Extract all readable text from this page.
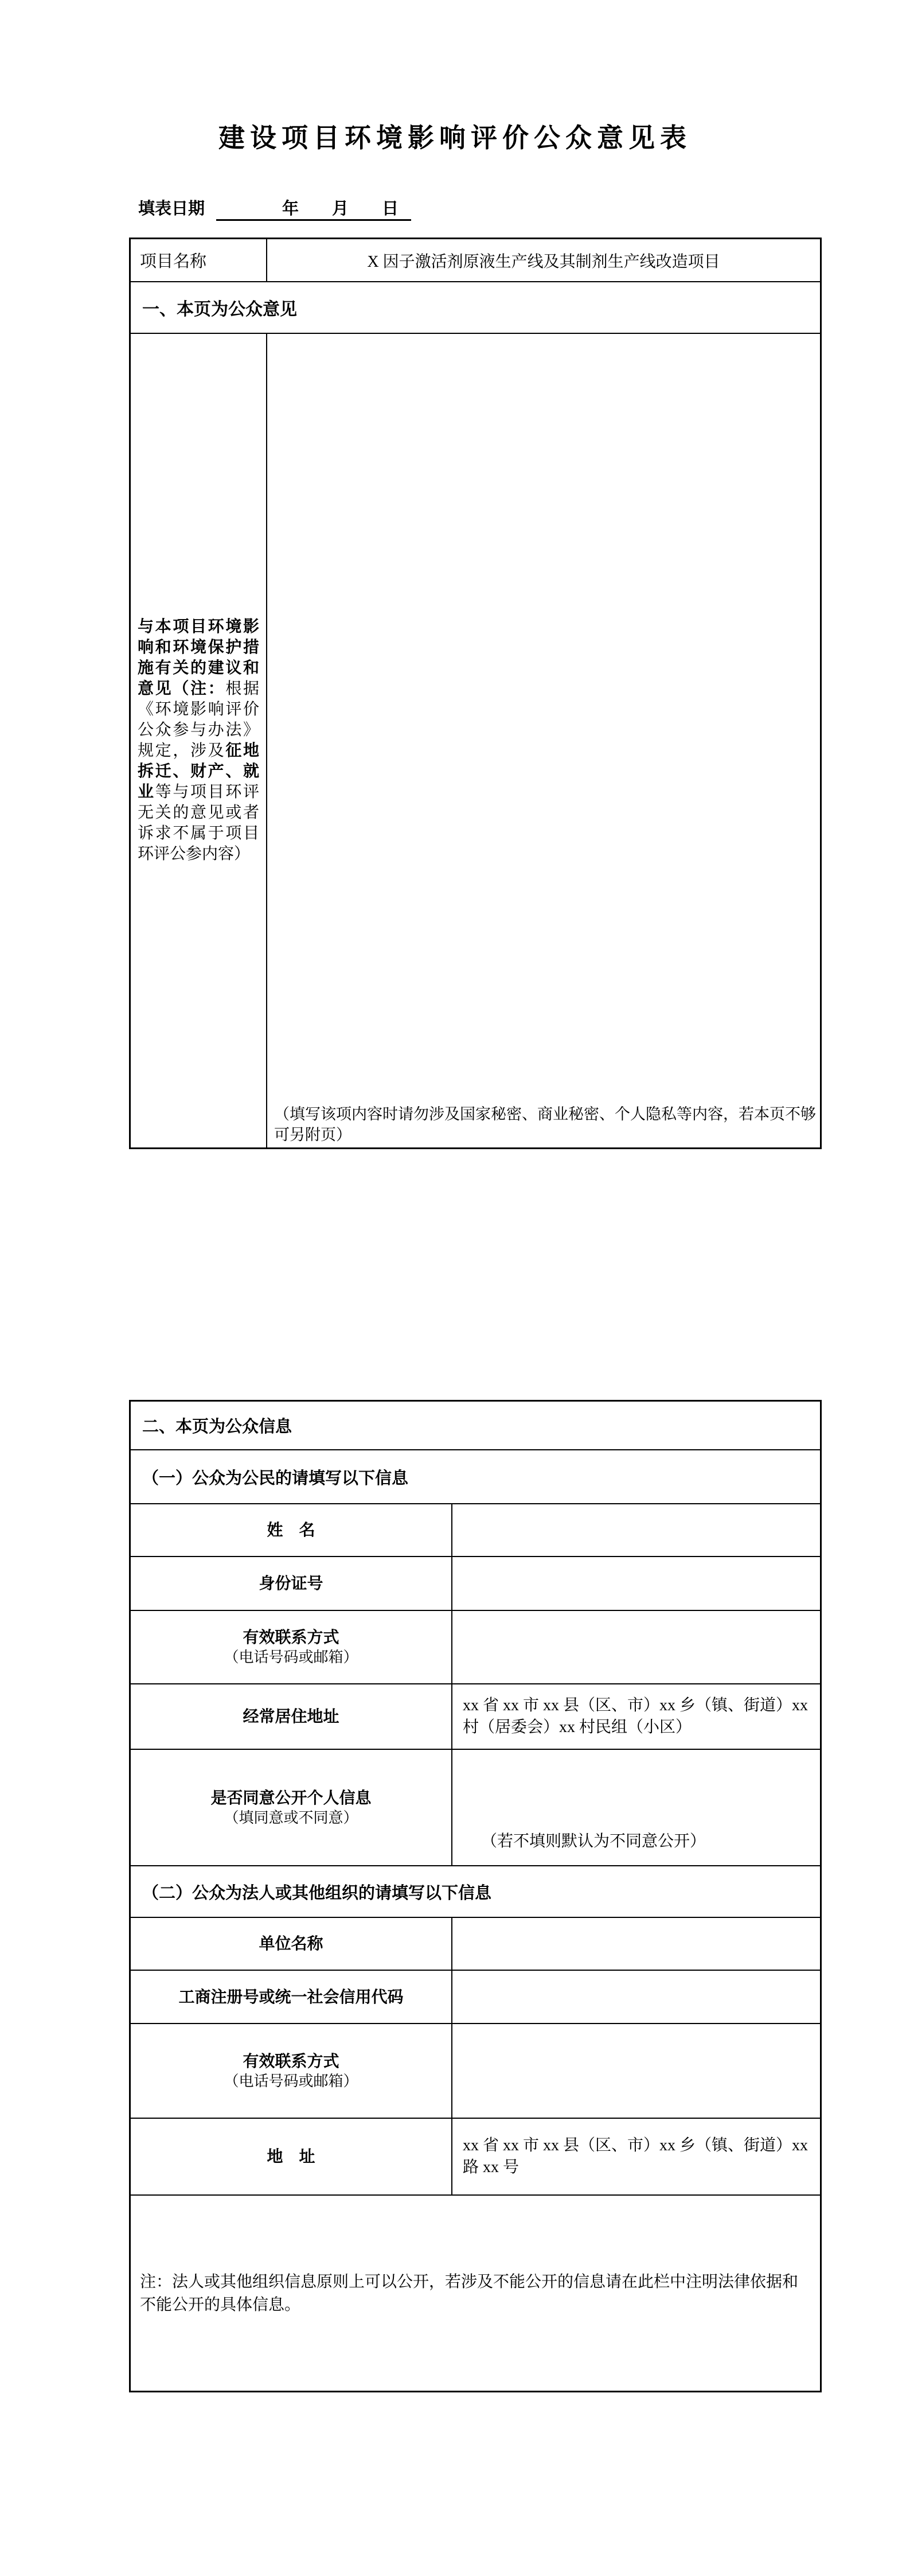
建设项目环境影响评价公众意见表
填表日期	年　　月　　日
项目名称	X 因子激活剂原液生产线及其制剂生产线改造项目
一、本页为公众意见
与本项目环境影响和环境保护措施有关的建议和意见（注：根据《环境影响评价公众参与办法》规定，涉及征地拆迁、财产、就业等与项目环评无关的意见或者诉求不属于项目环评公参内容）
（填写该项内容时请勿涉及国家秘密、商业秘密、个人隐私等内容，若本页不够可另附页）
二、本页为公众信息
（一）公众为公民的请填写以下信息
姓　名
身份证号
有效联系方式
（电话号码或邮箱）
经常居住地址
xx 省 xx 市 xx 县（区、市）xx 乡（镇、街道）xx 村（居委会）xx 村民组（小区）
是否同意公开个人信息
（填同意或不同意）
（若不填则默认为不同意公开）
（二）公众为法人或其他组织的请填写以下信息
单位名称
工商注册号或统一社会信用代码
有效联系方式
（电话号码或邮箱）
地　址
xx 省 xx 市 xx 县（区、市）xx 乡（镇、街道）xx 路 xx 号
注：法人或其他组织信息原则上可以公开，若涉及不能公开的信息请在此栏中注明法律依据和不能公开的具体信息。
